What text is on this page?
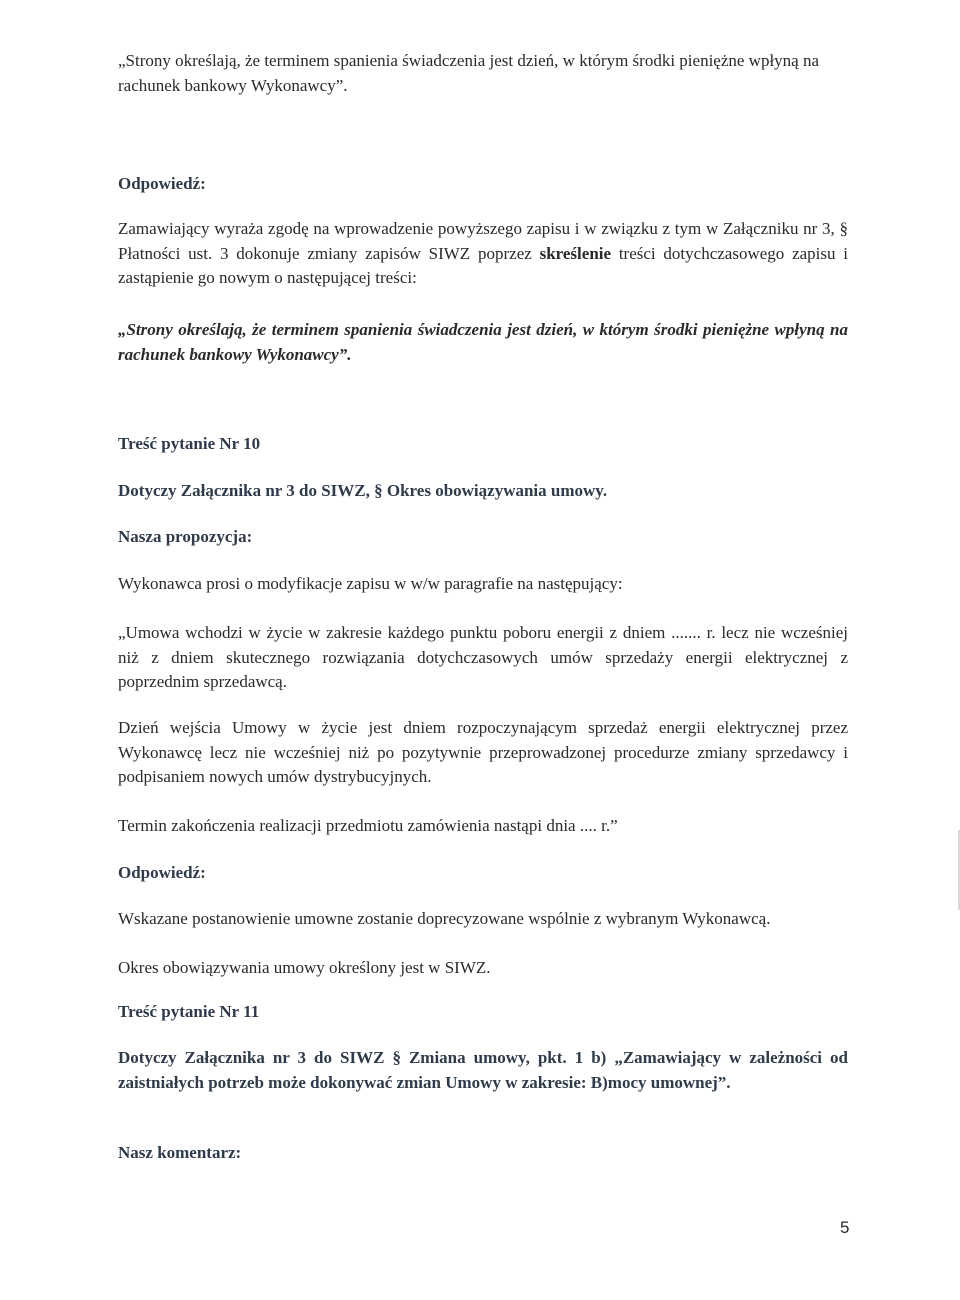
„Strony określają, że terminem spanienia świadczenia jest dzień, w którym środki pieniężne wpłyną na rachunek bankowy Wykonawcy”.

Odpowiedź:

Zamawiający wyraża zgodę na wprowadzenie powyższego zapisu i w związku z tym w Załączniku nr 3, § Płatności ust. 3 dokonuje zmiany zapisów SIWZ poprzez skreślenie treści dotychczasowego zapisu i zastąpienie go nowym o następującej treści:

„Strony określają, że terminem spanienia świadczenia jest dzień, w którym środki pieniężne wpłyną na rachunek bankowy Wykonawcy”.

Treść pytanie Nr 10

Dotyczy Załącznika nr 3 do SIWZ, § Okres obowiązywania umowy.

Nasza propozycja:

Wykonawca prosi o modyfikacje zapisu w w/w paragrafie na następujący:

„Umowa wchodzi w życie w zakresie każdego punktu poboru energii z dniem ....... r. lecz nie wcześniej niż z dniem skutecznego rozwiązania dotychczasowych umów sprzedaży energii elektrycznej z poprzednim sprzedawcą.

Dzień wejścia Umowy w życie jest dniem rozpoczynającym sprzedaż energii elektrycznej przez Wykonawcę lecz nie wcześniej niż po pozytywnie przeprowadzonej procedurze zmiany sprzedawcy i podpisaniem nowych umów dystrybucyjnych.

Termin zakończenia realizacji przedmiotu zamówienia nastąpi dnia .... r.”

Odpowiedź:

Wskazane postanowienie umowne zostanie doprecyzowane wspólnie z wybranym Wykonawcą.

Okres obowiązywania umowy określony jest w SIWZ.

Treść pytanie Nr 11

Dotyczy Załącznika nr 3 do SIWZ § Zmiana umowy, pkt. 1 b) „Zamawiający w zależności od zaistniałych potrzeb może dokonywać zmian Umowy w zakresie: B)mocy umownej”.

Nasz komentarz:

5
